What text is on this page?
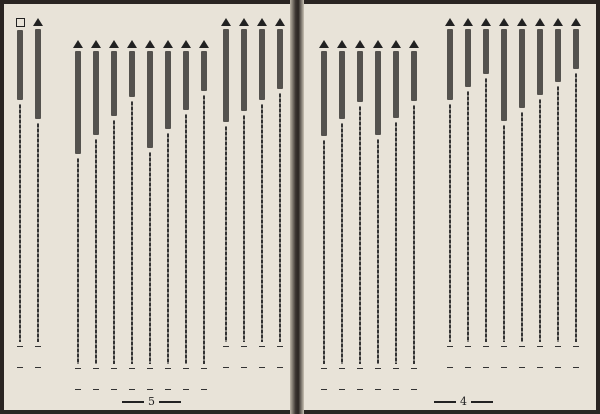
5	4
